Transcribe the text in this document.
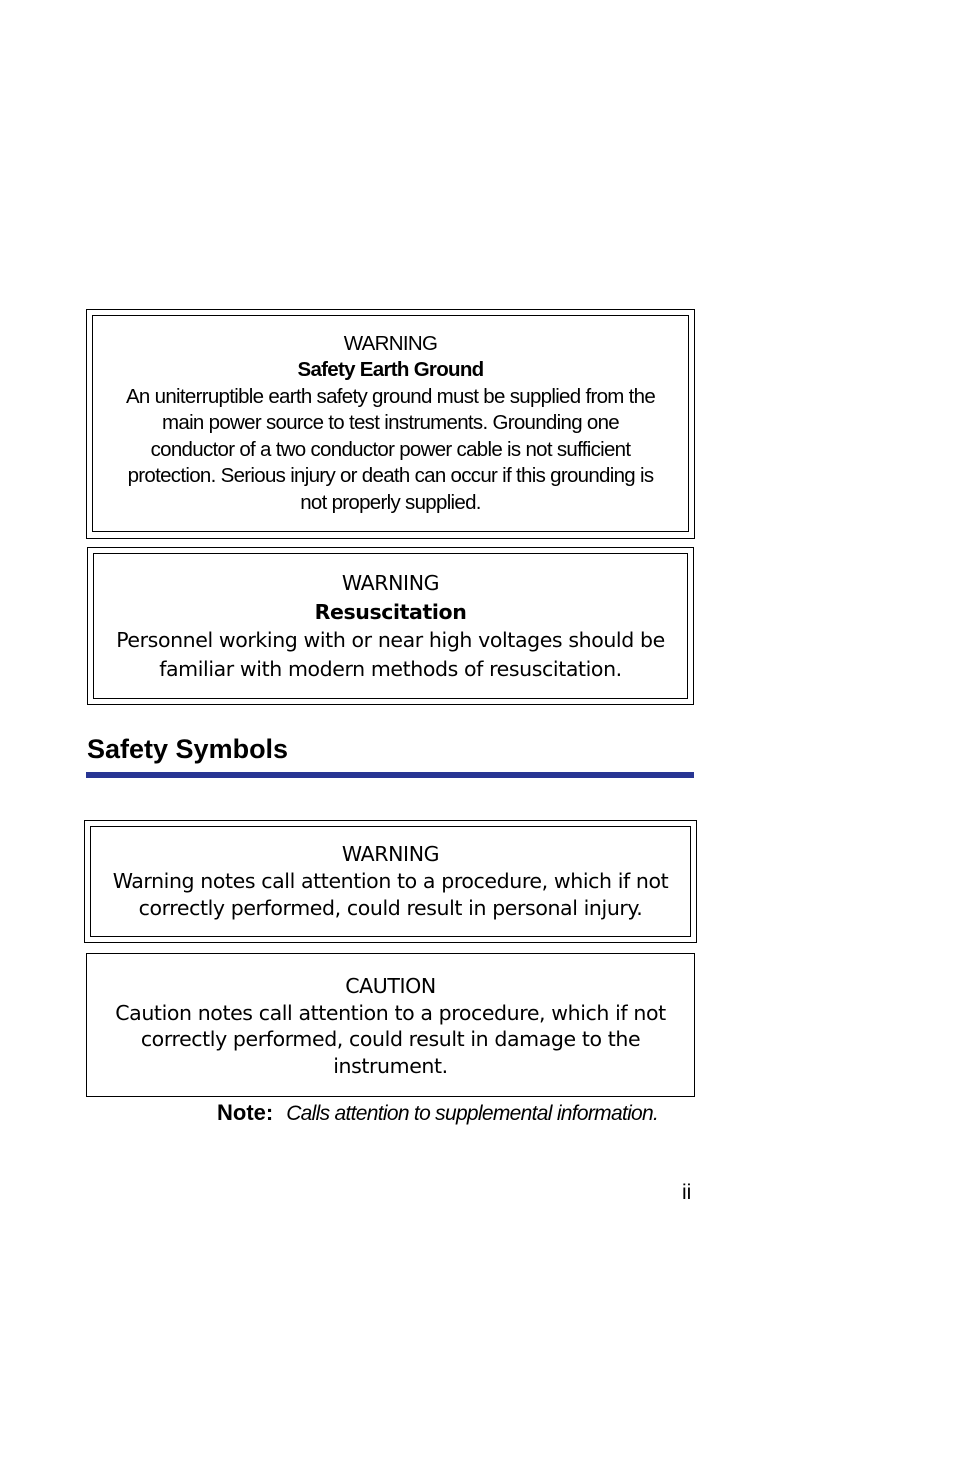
WARNING
Safety Earth Ground
An uniterruptible earth safety ground must be supplied from the
main power source to test instruments. Grounding one
conductor of a two conductor power cable is not sufficient
protection. Serious injury or death can occur if this grounding is
not properly supplied.
WARNING
Resuscitation
Personnel working with or near high voltages should be
familiar with modern methods of resuscitation.
Safety Symbols
WARNING
Warning notes call attention to a procedure, which if not
correctly performed, could result in personal injury.
CAUTION
Caution notes call attention to a procedure, which if not
correctly performed, could result in damage to the
instrument.
Note: Calls attention to supplemental information.
ii
